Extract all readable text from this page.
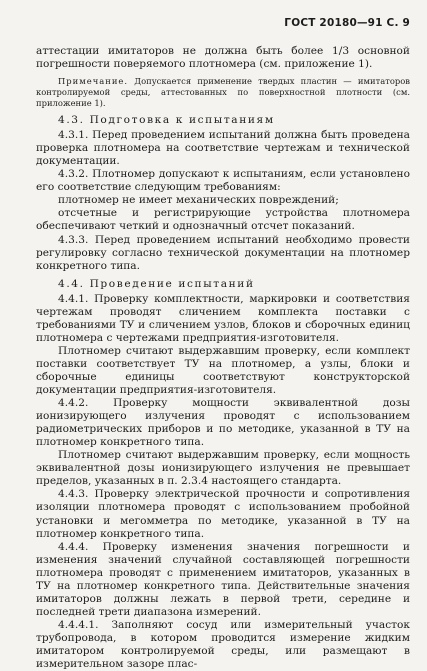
ГОСТ 20180—91 С. 9

аттестации имитаторов не должна быть более 1/3 основной погрешности поверяемого плотномера (см. приложение 1).

Примечание. Допускается применение твердых пластин — имитаторов контролируемой среды, аттестованных по поверхностной плотности (см. приложение 1).

4.3. Подготовка к испытаниям

4.3.1. Перед проведением испытаний должна быть проведена проверка плотномера на соответствие чертежам и технической документации.

4.3.2. Плотномер допускают к испытаниям, если установлено его соответствие следующим требованиям:

плотномер не имеет механических повреждений;

отсчетные и регистрирующие устройства плотномера обеспечивают четкий и однозначный отсчет показаний.

4.3.3. Перед проведением испытаний необходимо провести регулировку согласно технической документации на плотномер конкретного типа.

4.4. Проведение испытаний

4.4.1. Проверку комплектности, маркировки и соответствия чертежам проводят сличением комплекта поставки с требованиями ТУ и сличением узлов, блоков и сборочных единиц плотномера с чертежами предприятия-изготовителя.

Плотномер считают выдержавшим проверку, если комплект поставки соответствует ТУ на плотномер, а узлы, блоки и сборочные единицы соответствуют конструкторской документации предприятия-изготовителя.

4.4.2. Проверку мощности эквивалентной дозы ионизирующего излучения проводят с использованием радиометрических приборов и по методике, указанной в ТУ на плотномер конкретного типа.

Плотномер считают выдержавшим проверку, если мощность эквивалентной дозы ионизирующего излучения не превышает пределов, указанных в п. 2.3.4 настоящего стандарта.

4.4.3. Проверку электрической прочности и сопротивления изоляции плотномера проводят с использованием пробойной установки и мегомметра по методике, указанной в ТУ на плотномер конкретного типа.

4.4.4. Проверку изменения значения погрешности и изменения значений случайной составляющей погрешности плотномера проводят с применением имитаторов, указанных в ТУ на плотномер конкретного типа. Действительные значения имитаторов должны лежать в первой трети, середине и последней трети диапазона измерений.

4.4.4.1. Заполняют сосуд или измерительный участок трубопровода, в котором проводится измерение жидким имитатором контролируемой среды, или размещают в измерительном зазоре плас-
